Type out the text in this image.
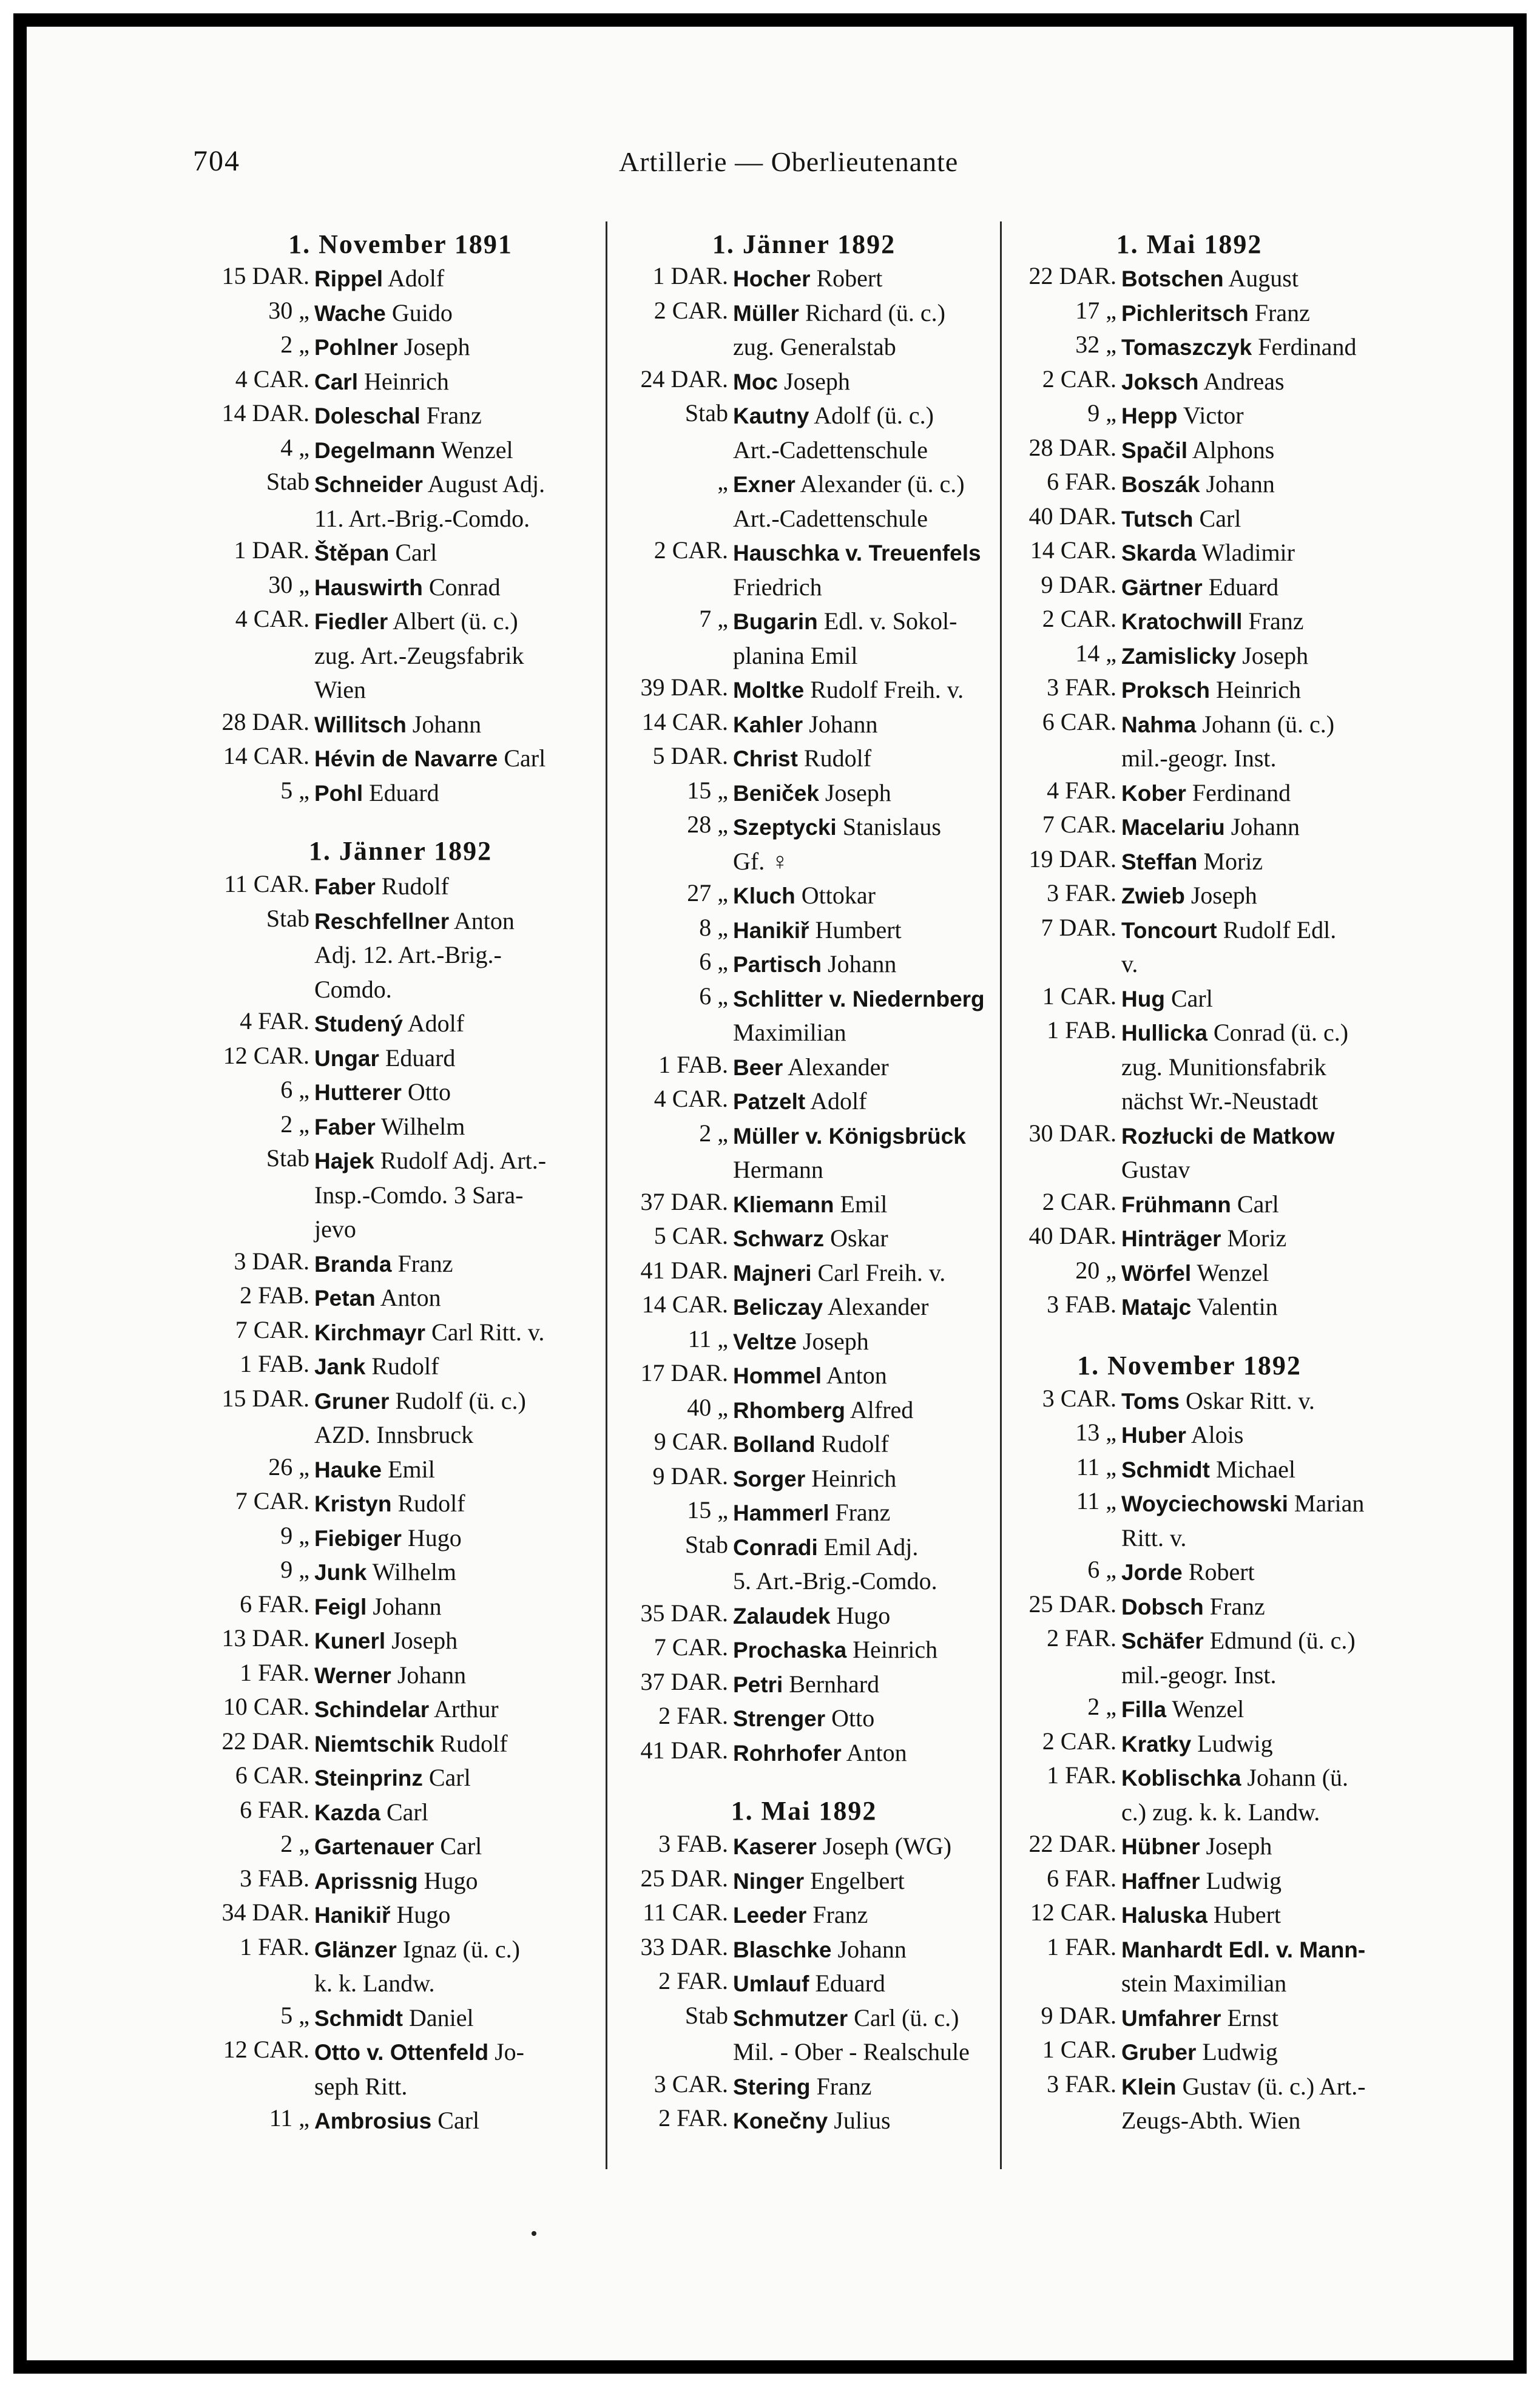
704	Artillerie — Oberlieutenante
1. November 1891
15 DAR. Rippel Adolf
30 „ Wache Guido
2 „ Pohlner Joseph
4 CAR. Carl Heinrich
14 DAR. Doleschal Franz
4 „ Degelmann Wenzel
Stab Schneider August Adj.
11. Art.-Brig.-Comdo.
1 DAR. Štěpan Carl
30 „ Hauswirth Conrad
4 CAR. Fiedler Albert (ü. c.)
zug. Art.-Zeugsfabrik
Wien
28 DAR. Willitsch Johann
14 CAR. Hévin de Navarre Carl
5 „ Pohl Eduard
1. Jänner 1892
11 CAR. Faber Rudolf
Stab Reschfellner Anton
Adj. 12. Art.-Brig.-
Comdo.
4 FAR. Studený Adolf
12 CAR. Ungar Eduard
6 „ Hutterer Otto
2 „ Faber Wilhelm
Stab Hajek Rudolf Adj. Art.-
Insp.-Comdo. 3 Sara-
jevo
3 DAR. Branda Franz
2 FAB. Petan Anton
7 CAR. Kirchmayr Carl Ritt. v.
1 FAB. Jank Rudolf
15 DAR. Gruner Rudolf (ü. c.)
AZD. Innsbruck
26 „ Hauke Emil
7 CAR. Kristyn Rudolf
9 „ Fiebiger Hugo
9 „ Junk Wilhelm
6 FAR. Feigl Johann
13 DAR. Kunerl Joseph
1 FAR. Werner Johann
10 CAR. Schindelar Arthur
22 DAR. Niemtschik Rudolf
6 CAR. Steinprinz Carl
6 FAR. Kazda Carl
2 „ Gartenauer Carl
3 FAB. Aprissnig Hugo
34 DAR. Hanikiř Hugo
1 FAR. Glänzer Ignaz (ü. c.)
k. k. Landw.
5 „ Schmidt Daniel
12 CAR. Otto v. Ottenfeld Jo-
seph Ritt.
11 „ Ambrosius Carl
1. Jänner 1892
1 DAR. Hocher Robert
2 CAR. Müller Richard (ü. c.)
zug. Generalstab
24 DAR. Moc Joseph
Stab Kautny Adolf (ü. c.)
Art.-Cadettenschule
„ Exner Alexander (ü. c.)
Art.-Cadettenschule
2 CAR. Hauschka v. Treuenfels
Friedrich
7 „ Bugarin Edl. v. Sokol-
planina Emil
39 DAR. Moltke Rudolf Freih. v.
14 CAR. Kahler Johann
5 DAR. Christ Rudolf
15 „ Beniček Joseph
28 „ Szeptycki Stanislaus
Gf. ♀
27 „ Kluch Ottokar
8 „ Hanikiř Humbert
6 „ Partisch Johann
6 „ Schlitter v. Niedernberg
Maximilian
1 FAB. Beer Alexander
4 CAR. Patzelt Adolf
2 „ Müller v. Königsbrück
Hermann
37 DAR. Kliemann Emil
5 CAR. Schwarz Oskar
41 DAR. Majneri Carl Freih. v.
14 CAR. Beliczay Alexander
11 „ Veltze Joseph
17 DAR. Hommel Anton
40 „ Rhomberg Alfred
9 CAR. Bolland Rudolf
9 DAR. Sorger Heinrich
15 „ Hammerl Franz
Stab Conradi Emil Adj.
5. Art.-Brig.-Comdo.
35 DAR. Zalaudek Hugo
7 CAR. Prochaska Heinrich
37 DAR. Petri Bernhard
2 FAR. Strenger Otto
41 DAR. Rohrhofer Anton
1. Mai 1892
3 FAB. Kaserer Joseph (WG)
25 DAR. Ninger Engelbert
11 CAR. Leeder Franz
33 DAR. Blaschke Johann
2 FAR. Umlauf Eduard
Stab Schmutzer Carl (ü. c.)
Mil. - Ober - Realschule
3 CAR. Stering Franz
2 FAR. Konečny Julius
1. Mai 1892
22 DAR. Botschen August
17 „ Pichleritsch Franz
32 „ Tomaszczyk Ferdinand
2 CAR. Joksch Andreas
9 „ Hepp Victor
28 DAR. Spačil Alphons
6 FAR. Boszák Johann
40 DAR. Tutsch Carl
14 CAR. Skarda Wladimir
9 DAR. Gärtner Eduard
2 CAR. Kratochwill Franz
14 „ Zamislicky Joseph
3 FAR. Proksch Heinrich
6 CAR. Nahma Johann (ü. c.)
mil.-geogr. Inst.
4 FAR. Kober Ferdinand
7 CAR. Macelariu Johann
19 DAR. Steffan Moriz
3 FAR. Zwieb Joseph
7 DAR. Toncourt Rudolf Edl.
v.
1 CAR. Hug Carl
1 FAB. Hullicka Conrad (ü. c.)
zug. Munitionsfabrik
nächst Wr.-Neustadt
30 DAR. Rozłucki de Matkow
Gustav
2 CAR. Frühmann Carl
40 DAR. Hinträger Moriz
20 „ Wörfel Wenzel
3 FAB. Matajc Valentin
1. November 1892
3 CAR. Toms Oskar Ritt. v.
13 „ Huber Alois
11 „ Schmidt Michael
11 „ Woyciechowski Marian
Ritt. v.
6 „ Jorde Robert
25 DAR. Dobsch Franz
2 FAR. Schäfer Edmund (ü. c.)
mil.-geogr. Inst.
2 „ Filla Wenzel
2 CAR. Kratky Ludwig
1 FAR. Koblischka Johann (ü.
c.) zug. k. k. Landw.
22 DAR. Hübner Joseph
6 FAR. Haffner Ludwig
12 CAR. Haluska Hubert
1 FAR. Manhardt Edl. v. Mann-
stein Maximilian
9 DAR. Umfahrer Ernst
1 CAR. Gruber Ludwig
3 FAR. Klein Gustav (ü. c.) Art.-
Zeugs-Abth. Wien
